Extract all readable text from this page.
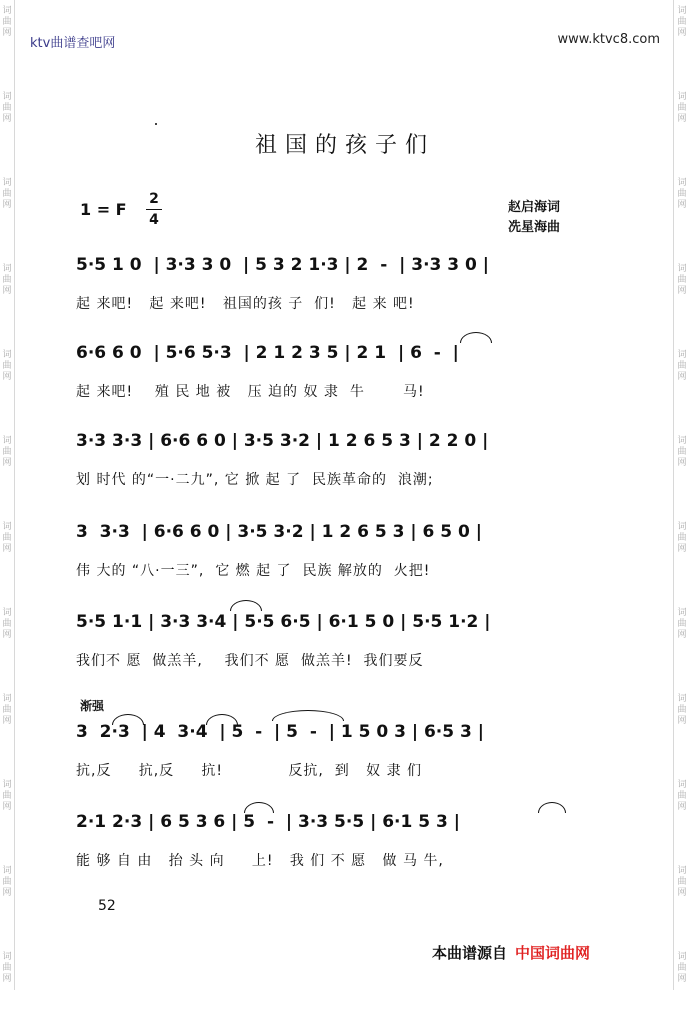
词
曲
网
词
曲
网
词
曲
网
词
曲
网
词
曲
网
词
曲
网
词
曲
网
词
曲
网
词
曲
网
词
曲
网
词
曲
网
词
曲
网
词
曲
网
词
曲
网
词
曲
网
词
曲
网
词
曲
网
词
曲
网
词
曲
网
词
曲
网
词
曲
网
词
曲
网
词
曲
网
词
曲
网
ktv曲谱查吧网	www.ktvc8.com
祖国的孩子们
1 = F
2
4
赵启海词
冼星海曲
渐强
5·5 1 0  | 3·3 3 0  | 5 3 2 1·3 | 2  -  | 3·3 3 0 |
起 来吧!   起 来吧!   祖国的孩 子  们!   起 来 吧!
6·6 6 0  | 5·6 5·3  | 2 1 2 3 5 | 2 1  | 6  -  |
起 来吧!    殖 民 地 被   压 迫的 奴 隶  牛       马!
3·3 3·3 | 6·6 6 0 | 3·5 3·2 | 1 2 6 5 3 | 2 2 0 |
划 时代 的“一·二九”, 它 掀 起 了  民族革命的  浪潮;
3  3·3  | 6·6 6 0 | 3·5 3·2 | 1 2 6 5 3 | 6 5 0 |
伟 大的 “八·一三”,  它 燃 起 了  民族 解放的  火把!
5·5 1·1 | 3·3 3·4 | 5·5 6·5 | 6·1 5 0 | 5·5 1·2 |
我们不 愿  做羔羊,    我们不 愿  做羔羊!  我们要反
3  2·3  | 4  3·4  | 5  -  | 5  -  | 1 5 0 3 | 6·5 3 |
抗,反     抗,反     抗!            反抗,  到   奴 隶 们
2·1 2·3 | 6 5 3 6 | 5  -  | 3·3 5·5 | 6·1 5 3 |
能 够 自 由   抬 头 向     上!   我 们 不 愿   做 马 牛,
52
本曲谱源自 中国词曲网
